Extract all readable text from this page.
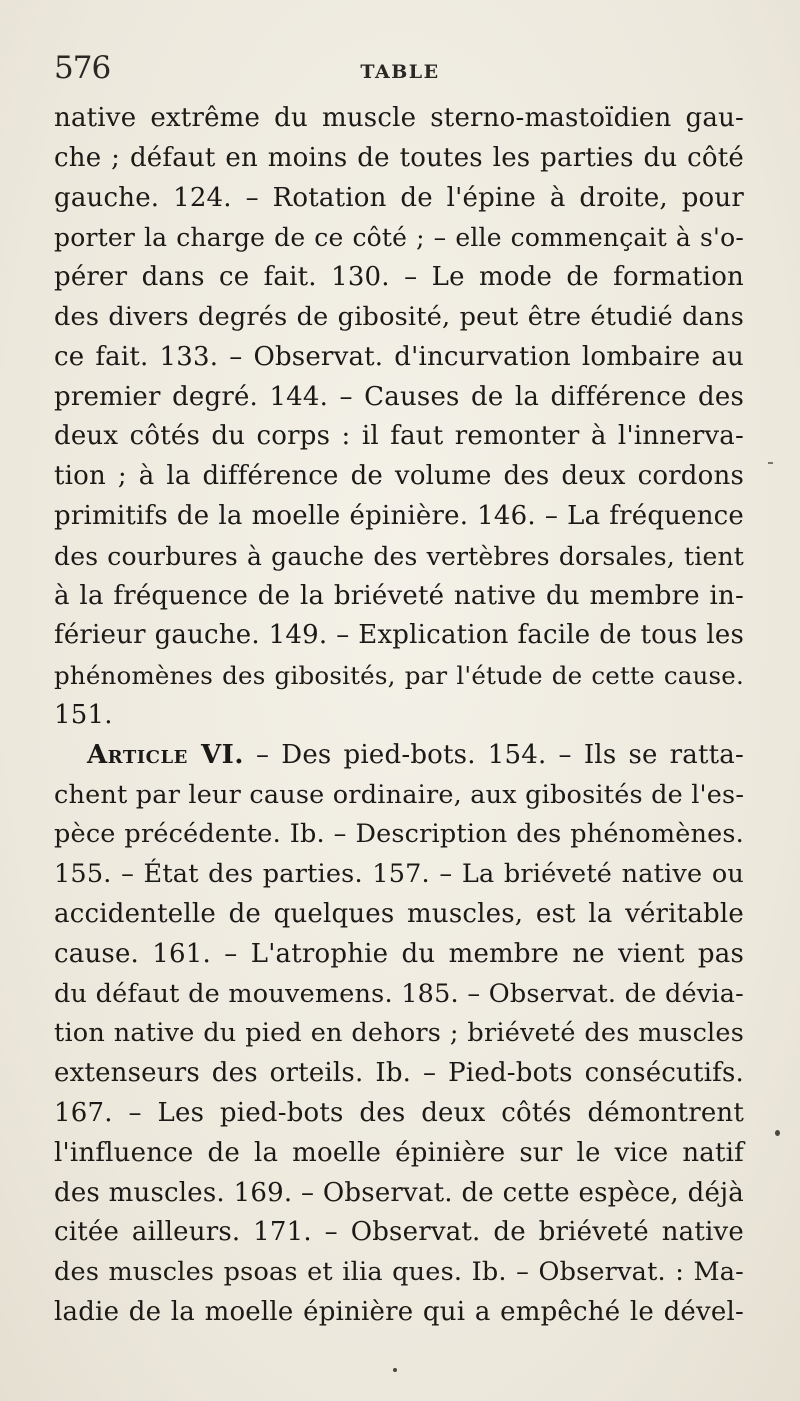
576	TABLE
native extrême du muscle sterno-mastoïdien gau-
che ; défaut en moins de toutes les parties du côté
gauche. 124. – Rotation de l'épine à droite, pour
porter la charge de ce côté ; – elle commençait à s'o-
pérer dans ce fait. 130. – Le mode de formation
des divers degrés de gibosité, peut être étudié dans
ce fait. 133. – Observat. d'incurvation lombaire au
premier degré. 144. – Causes de la différence des
deux côtés du corps : il faut remonter à l'innerva-
tion ; à la différence de volume des deux cordons
primitifs de la moelle épinière. 146. – La fréquence
des courbures à gauche des vertèbres dorsales, tient
à la fréquence de la briéveté native du membre in-
férieur gauche. 149. – Explication facile de tous les
phénomènes des gibosités, par l'étude de cette cause.
151.
Article VI. – Des pied-bots. 154. – Ils se ratta-
chent par leur cause ordinaire, aux gibosités de l'es-
pèce précédente. Ib. – Description des phénomènes.
155. – État des parties. 157. – La briéveté native ou
accidentelle de quelques muscles, est la véritable
cause. 161. – L'atrophie du membre ne vient pas
du défaut de mouvemens. 185. – Observat. de dévia-
tion native du pied en dehors ; briéveté des muscles
extenseurs des orteils. Ib. – Pied-bots consécutifs.
167. – Les pied-bots des deux côtés démontrent
l'influence de la moelle épinière sur le vice natif
des muscles. 169. – Observat. de cette espèce, déjà
citée ailleurs. 171. – Observat. de briéveté native
des muscles psoas et ilia ques. Ib. – Observat. : Ma-
ladie de la moelle épinière qui a empêché le dével-
